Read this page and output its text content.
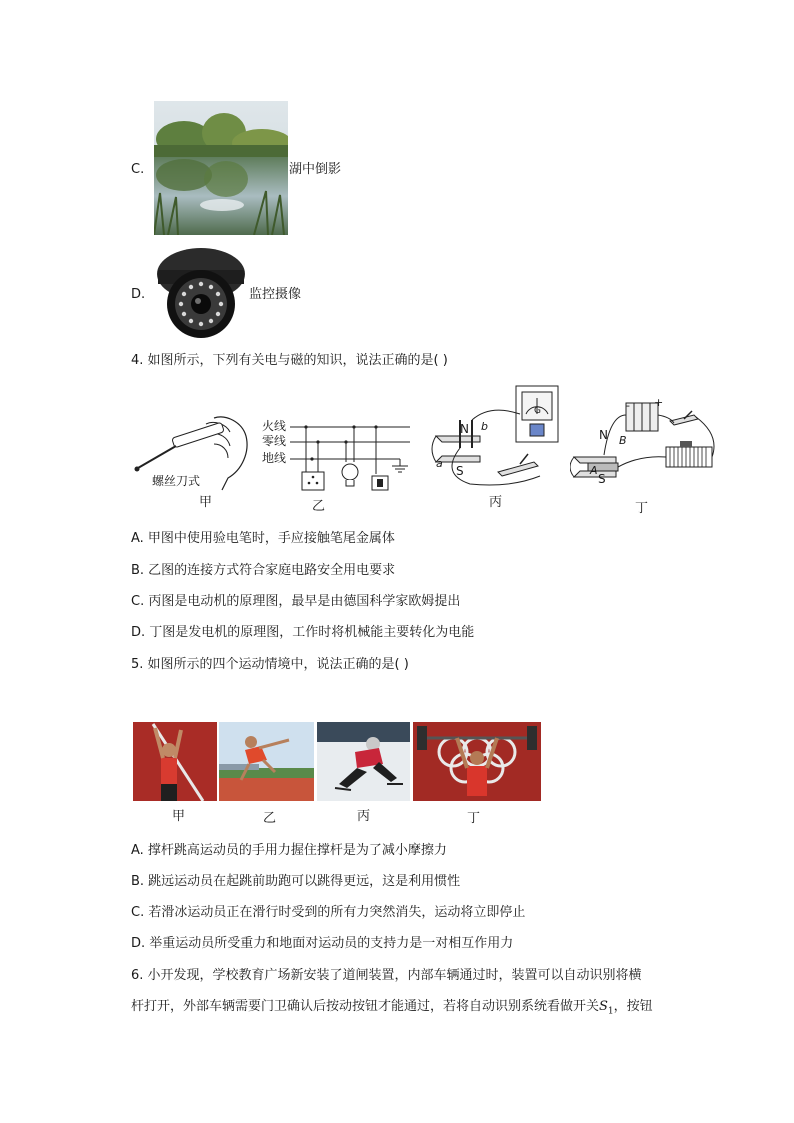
C.	湖中倒影
D.	监控摄像
4. 如图所示，下列有关电与磁的知识，说法正确的是( )
螺丝刀式
甲
火线
零线
地线
乙
N b
a
S
G
丙
- +
N B
A
S
丁
A. 甲图中使用验电笔时，手应接触笔尾金属体
B. 乙图的连接方式符合家庭电路安全用电要求
C. 丙图是电动机的原理图，最早是由德国科学家欧姆提出
D. 丁图是发电机的原理图，工作时将机械能主要转化为电能
5. 如图所示的四个运动情境中，说法正确的是( )
甲	乙	丙	丁
A. 撑杆跳高运动员的手用力握住撑杆是为了减小摩擦力
B. 跳远运动员在起跳前助跑可以跳得更远，这是利用惯性
C. 若滑冰运动员正在滑行时受到的所有力突然消失，运动将立即停止
D. 举重运动员所受重力和地面对运动员的支持力是一对相互作用力
6. 小开发现，学校教育广场新安装了道闸装置，内部车辆通过时，装置可以自动识别将横
杆打开，外部车辆需要门卫确认后按动按钮才能通过，若将自动识别系统看做开关$S_1$，按钮
